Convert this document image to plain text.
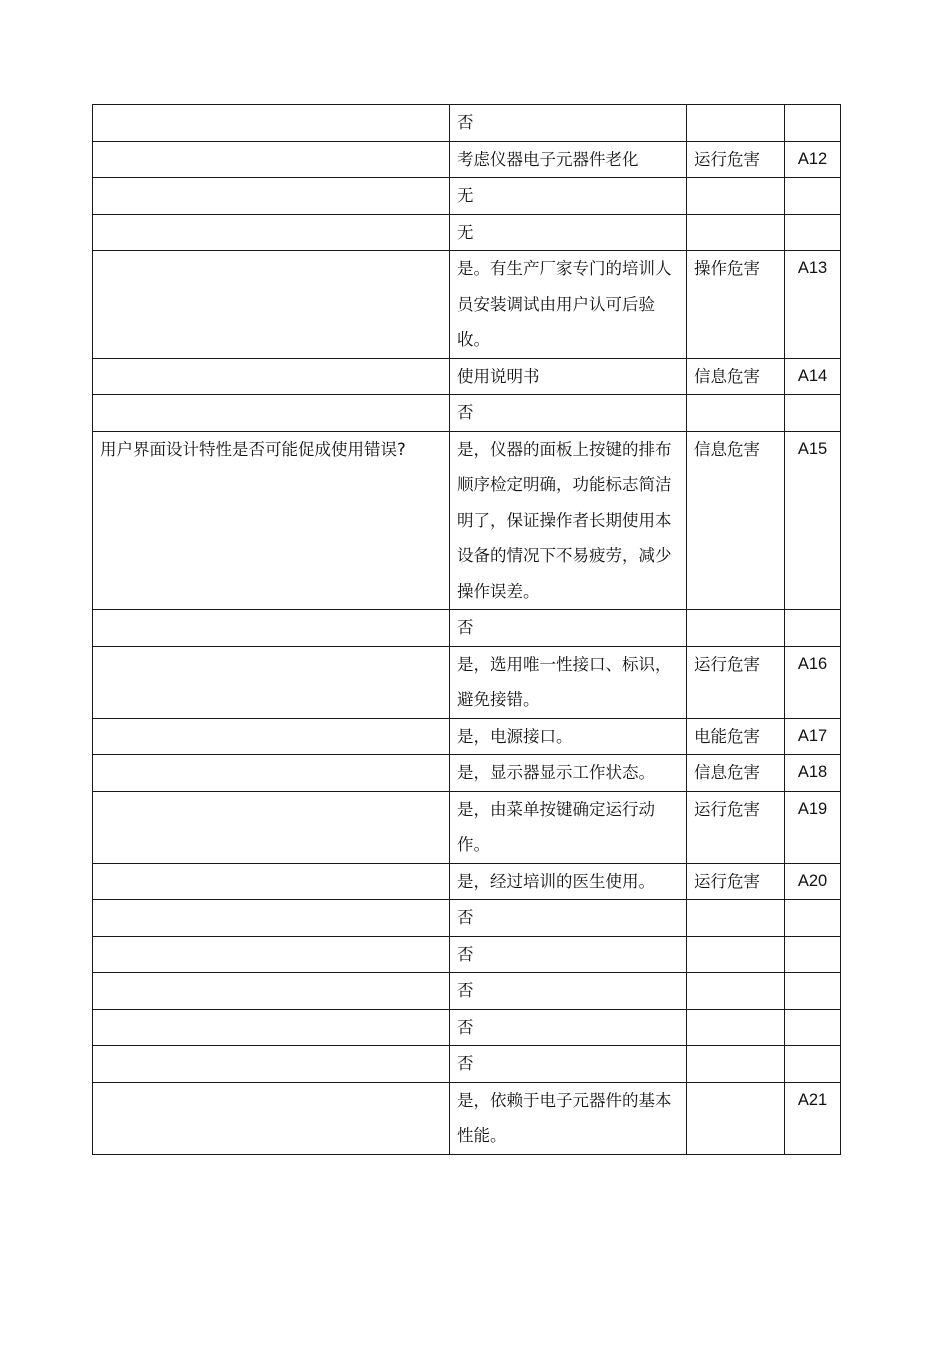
	否		
	考虑仪器电子元器件老化	运行危害	A12
	无		
	无		
	是。有生产厂家专门的培训人员安装调试由用户认可后验收。	操作危害	A13
	使用说明书	信息危害	A14
	否		
用户界面设计特性是否可能促成使用错误?	是，仪器的面板上按键的排布顺序检定明确，功能标志简洁明了，保证操作者长期使用本设备的情况下不易疲劳，减少操作误差。	信息危害	A15
	否		
	是，选用唯一性接口、标识，避免接错。	运行危害	A16
	是，电源接口。	电能危害	A17
	是，显示器显示工作状态。	信息危害	A18
	是，由菜单按键确定运行动作。	运行危害	A19
	是，经过培训的医生使用。	运行危害	A20
	否		
	否		
	否		
	否		
	否		
	是，依赖于电子元器件的基本性能。		A21
